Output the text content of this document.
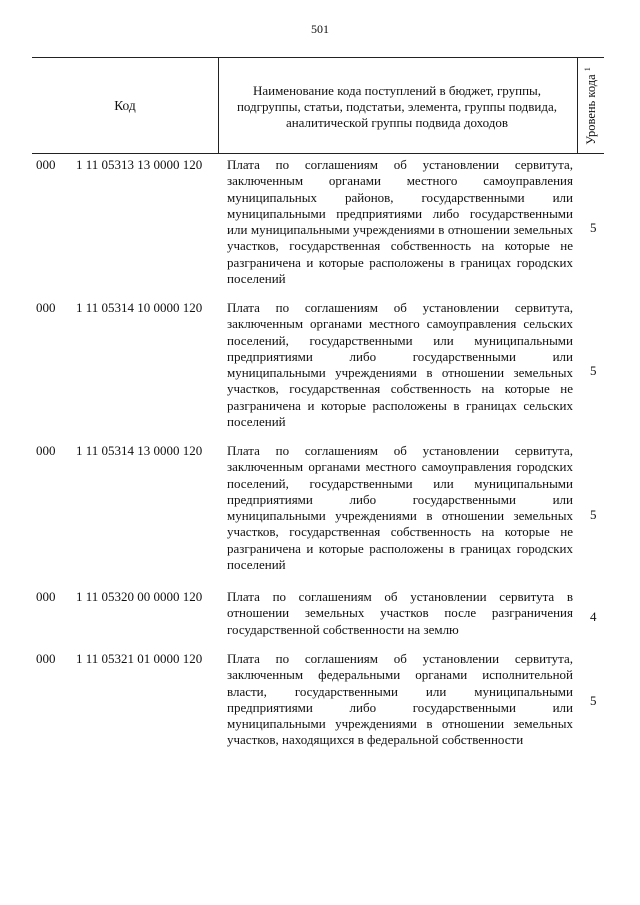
501
Код
Наименование кода поступлений в бюджет, группы, подгруппы, статьи, подстатьи, элемента, группы подвида, аналитической группы подвида доходов	Уровень кода $^1$
000 1 11 05313 13 0000 120 Плата по соглашениям об установлении сервитута, заключенным органами местного самоуправления муниципальных районов, государственными или муниципальными предприятиями либо государственными или муниципальными учреждениями в отношении земельных участков, государственная собственность на которые не разграничена и которые расположены в границах городских поселений
5
000 1 11 05314 10 0000 120 Плата по соглашениям об установлении сервитута, заключенным органами местного самоуправления сельских поселений, государственными или муниципальными предприятиями либо государственными или муниципальными учреждениями в отношении земельных участков, государственная собственность на которые не разграничена и которые расположены в границах сельских поселений
5
000 1 11 05314 13 0000 120 Плата по соглашениям об установлении сервитута, заключенным органами местного самоуправления городских поселений, государственными или муниципальными предприятиями либо государственными или муниципальными учреждениями в отношении земельных участков, государственная собственность на которые не разграничена и которые расположены в границах городских поселений
5
000 1 11 05320 00 0000 120 Плата по соглашениям об установлении сервитута в отношении земельных участков после разграничения государственной собственности на землю
4
000 1 11 05321 01 0000 120 Плата по соглашениям об установлении сервитута, заключенным федеральными органами исполнительной власти, государственными или муниципальными предприятиями либо государственными или муниципальными учреждениями в отношении земельных участков, находящихся в федеральной собственности
5
